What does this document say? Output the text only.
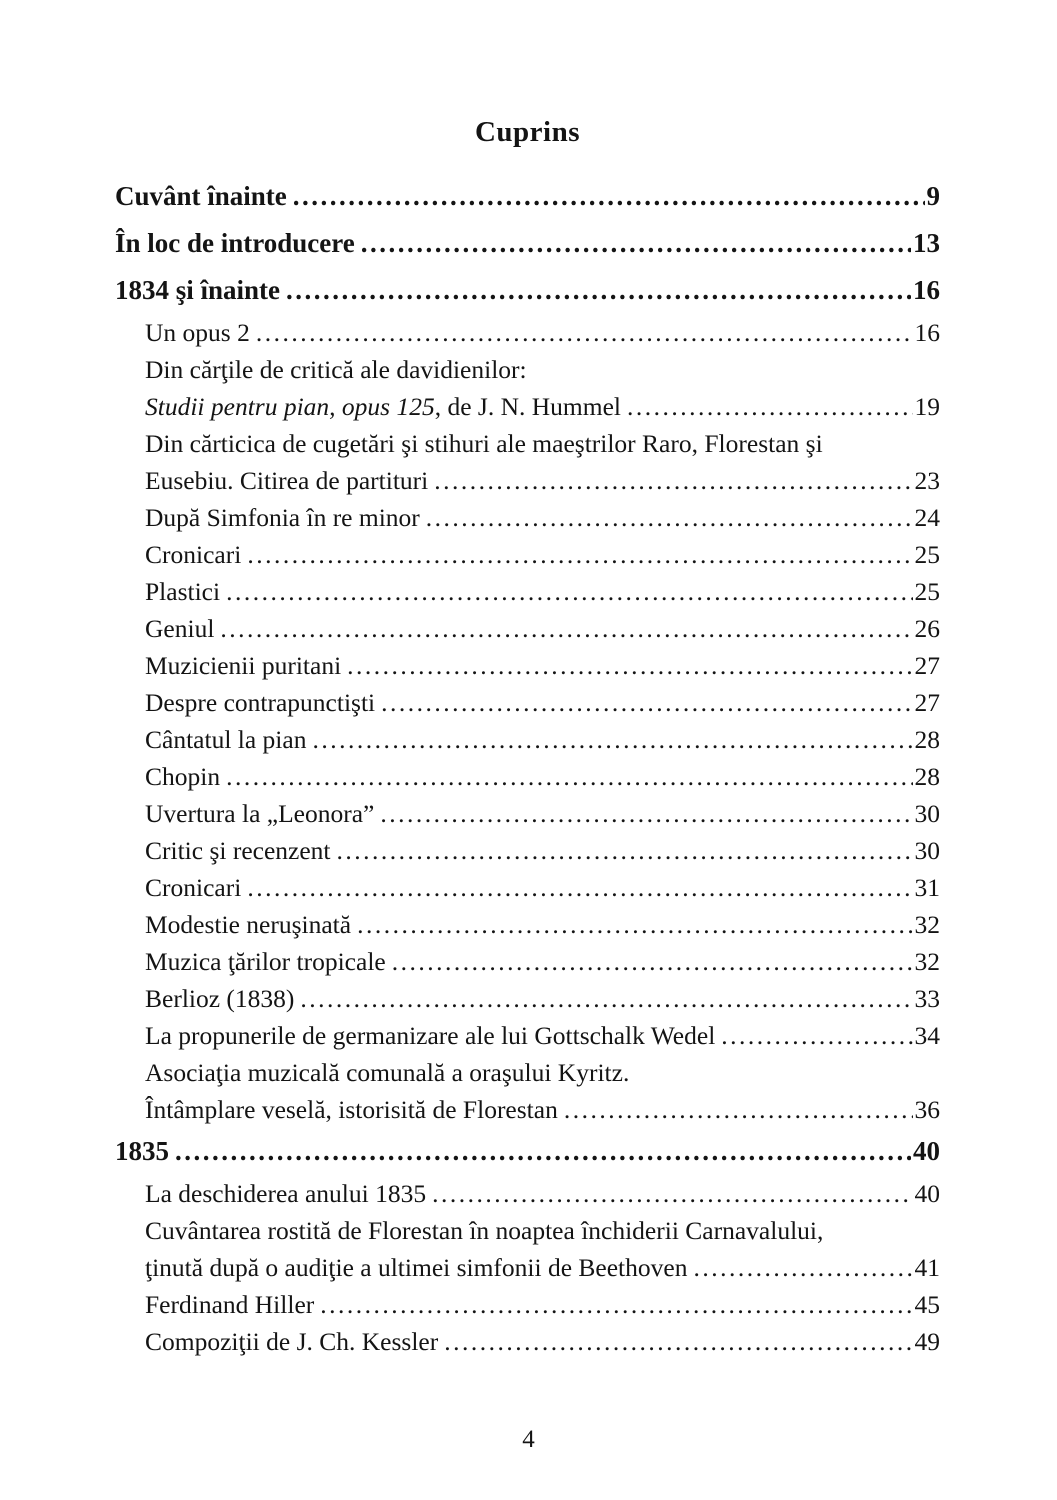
Cuprins
Cuvânt înainte .....	9
În loc de introducere .....	13
1834 şi înainte .....	16
Un opus 2 .....	16
Din cărţile de critică ale davidienilor:
Studii pentru pian, opus 125, de J. N. Hummel .....	19
Din cărticica de cugetări şi stihuri ale maeştrilor Raro, Florestan şi
Eusebiu. Citirea de partituri .....	23
După Simfonia în re minor .....	24
Cronicari .....	25
Plastici .....	25
Geniul .....	26
Muzicienii puritani .....	27
Despre contrapunctişti .....	27
Cântatul la pian .....	28
Chopin .....	28
Uvertura la „Leonora” .....	30
Critic şi recenzent .....	30
Cronicari .....	31
Modestie neruşinată .....	32
Muzica ţărilor tropicale .....	32
Berlioz (1838) .....	33
La propunerile de germanizare ale lui Gottschalk Wedel .....	34
Asociaţia muzicală comunală a oraşului Kyritz.
Întâmplare veselă, istorisită de Florestan .....	36
1835 .....	40
La deschiderea anului 1835 .....	40
Cuvântarea rostită de Florestan în noaptea închiderii Carnavalului,
ţinută după o audiţie a ultimei simfonii de Beethoven .....	41
Ferdinand Hiller .....	45
Compoziţii de J. Ch. Kessler .....	49
4
